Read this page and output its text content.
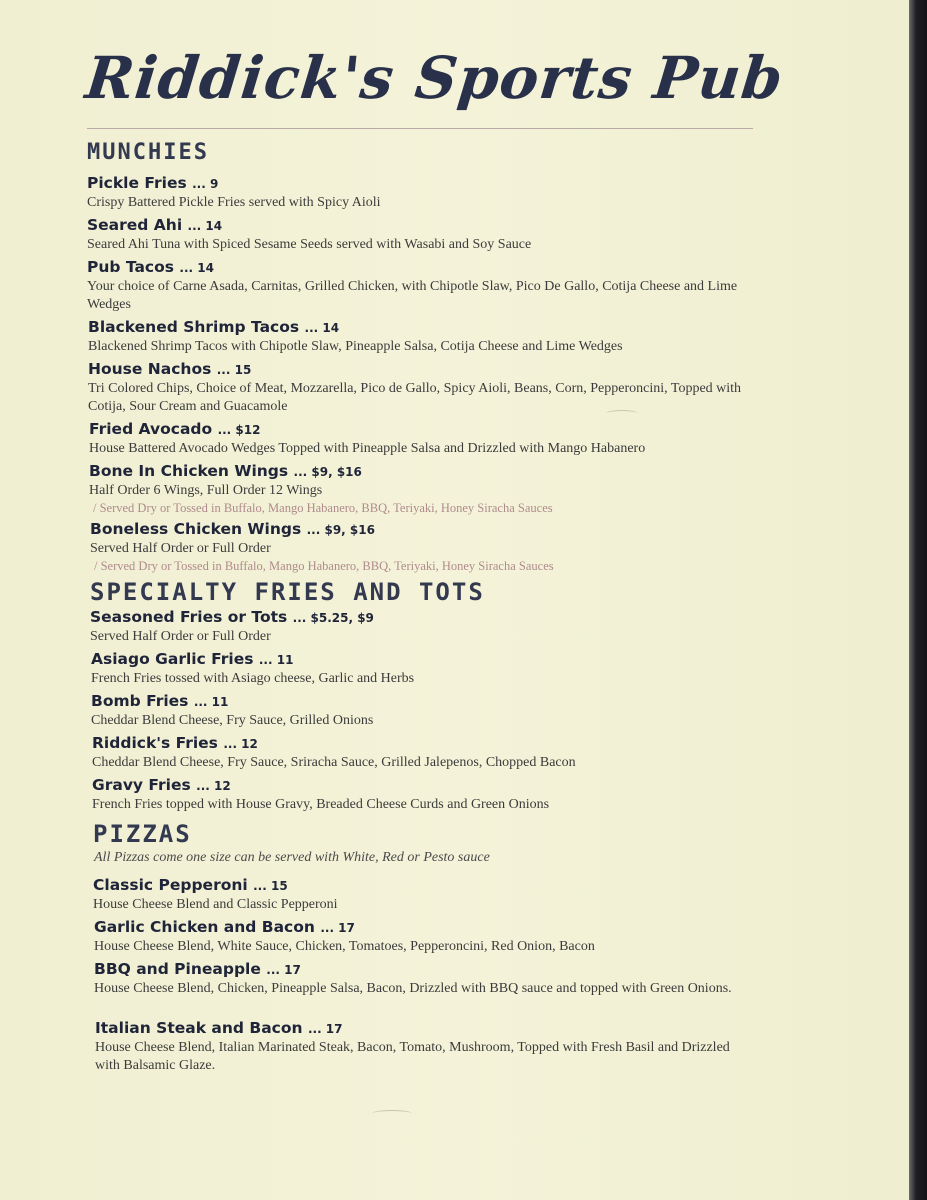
Riddick's Sports Pub
MUNCHIES
Pickle Fries ... 9
Crispy Battered Pickle Fries served with Spicy Aioli
Seared Ahi ... 14
Seared Ahi Tuna with Spiced Sesame Seeds served with Wasabi and Soy Sauce
Pub Tacos ... 14
Your choice of Carne Asada, Carnitas, Grilled Chicken, with Chipotle Slaw, Pico De Gallo, Cotija Cheese and Lime Wedges
Blackened Shrimp Tacos ... 14
Blackened Shrimp Tacos with Chipotle Slaw, Pineapple Salsa, Cotija Cheese and Lime Wedges
House Nachos ... 15
Tri Colored Chips, Choice of Meat, Mozzarella, Pico de Gallo, Spicy Aioli, Beans, Corn, Pepperoncini, Topped with Cotija, Sour Cream and Guacamole
Fried Avocado ... $12
House Battered Avocado Wedges Topped with Pineapple Salsa and Drizzled with Mango Habanero
Bone In Chicken Wings ... $9, $16
Half Order 6 Wings, Full Order 12 Wings
/ Served Dry or Tossed in Buffalo, Mango Habanero, BBQ, Teriyaki, Honey Siracha Sauces
Boneless Chicken Wings ... $9, $16
Served Half Order or Full Order
/ Served Dry or Tossed in Buffalo, Mango Habanero, BBQ, Teriyaki, Honey Siracha Sauces
SPECIALTY FRIES AND TOTS
Seasoned Fries or Tots ... $5.25, $9
Served Half Order or Full Order
Asiago Garlic Fries ... 11
French Fries tossed with Asiago cheese, Garlic and Herbs
Bomb Fries ... 11
Cheddar Blend Cheese, Fry Sauce, Grilled Onions
Riddick's Fries ... 12
Cheddar Blend Cheese, Fry Sauce, Sriracha Sauce, Grilled Jalepenos, Chopped Bacon
Gravy Fries ... 12
French Fries topped with House Gravy, Breaded Cheese Curds and Green Onions
PIZZAS

All Pizzas come one size can be served with White, Red or Pesto sauce

Classic Pepperoni ... 15
House Cheese Blend and Classic Pepperoni
Garlic Chicken and Bacon ... 17
House Cheese Blend, White Sauce, Chicken, Tomatoes, Pepperoncini, Red Onion, Bacon
BBQ and Pineapple ... 17
House Cheese Blend, Chicken, Pineapple Salsa, Bacon, Drizzled with BBQ sauce and topped with Green Onions.
Italian Steak and Bacon ... 17
House Cheese Blend, Italian Marinated Steak, Bacon, Tomato, Mushroom, Topped with Fresh Basil and Drizzled with Balsamic Glaze.
